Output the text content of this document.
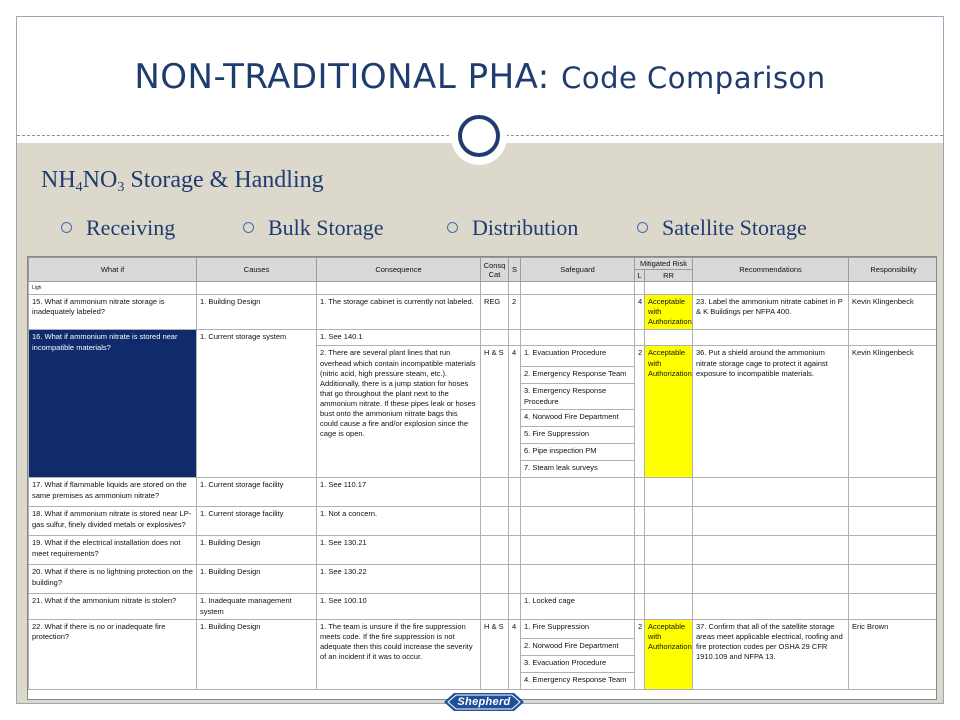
NON-TRADITIONAL PHA: Code Comparison
$NH_4NO_3$ Storage & Handling
Receiving	Bulk Storage	Distribution	Satellite Storage
What if	Causes	Consequence	Consq Cat	S	Safeguard	Mitigated Risk		Recommendations	Responsibility
						L	RR		
Ligh									
15. What if ammonium nitrate storage is inadequately labeled?	1. Building Design	1. The storage cabinet is currently not labeled.	REG	2		4	Acceptable with Authorization	23. Label the ammonium nitrate cabinet in P & K Buildings per NFPA 400.	Kevin Klingenbeck
16. What if ammonium nitrate is stored near incompatible materials?	1. Current storage system	1. See 140.1							
		2. There are several plant lines that run overhead which contain incompatible materials (nitric acid, high pressure steam, etc.). Additionally, there is a jump station for hoses that go throughout the plant next to the ammonium nitrate. If these pipes leak or hoses bust onto the ammonium nitrate bags this could cause a fire and/or explosion since the cage is open.	H & S	4	1. Evacuation Procedure	2	Acceptable with Authorization	36. Put a shield around the ammonium nitrate storage cage to protect it against exposure to incompatible materials.	Kevin Klingenbeck
					2. Emergency Response Team				
					3. Emergency Response Procedure				
					4. Norwood Fire Department				
					5. Fire Suppression				
					6. Pipe inspection PM				
					7. Steam leak surveys				
17. What if flammable liquids are stored on the same premises as ammonium nitrate?	1. Current storage facility	1. See 110.17							
18. What if ammonium nitrate is stored near LP-gas sulfur, finely divided metals or explosives?	1. Current storage facility	1. Not a concern.							
19. What if the electrical installation does not meet requirements?	1. Building Design	1. See 130.21							
20. What if there is no lightning protection on the building?	1. Building Design	1. See 130.22							
21. What if the ammonium nitrate is stolen?	1. Inadequate management system	1. See 100.10			1. Locked cage				
22. What if there is no or inadequate fire protection?	1. Building Design	1. The team is unsure if the fire suppression meets code. If the fire suppression is not adequate then this could increase the severity of an incident if it was to occur.	H & S	4	1. Fire Suppression	2	Acceptable with Authorization	37. Confirm that all of the satellite storage areas meet applicable electrical, roofing and fire protection codes per OSHA 29 CFR 1910.109 and NFPA 13.	Eric Brown
					2. Norwood Fire Department				
					3. Evacuation Procedure				
					4. Emergency Response Team				
Shepherd
